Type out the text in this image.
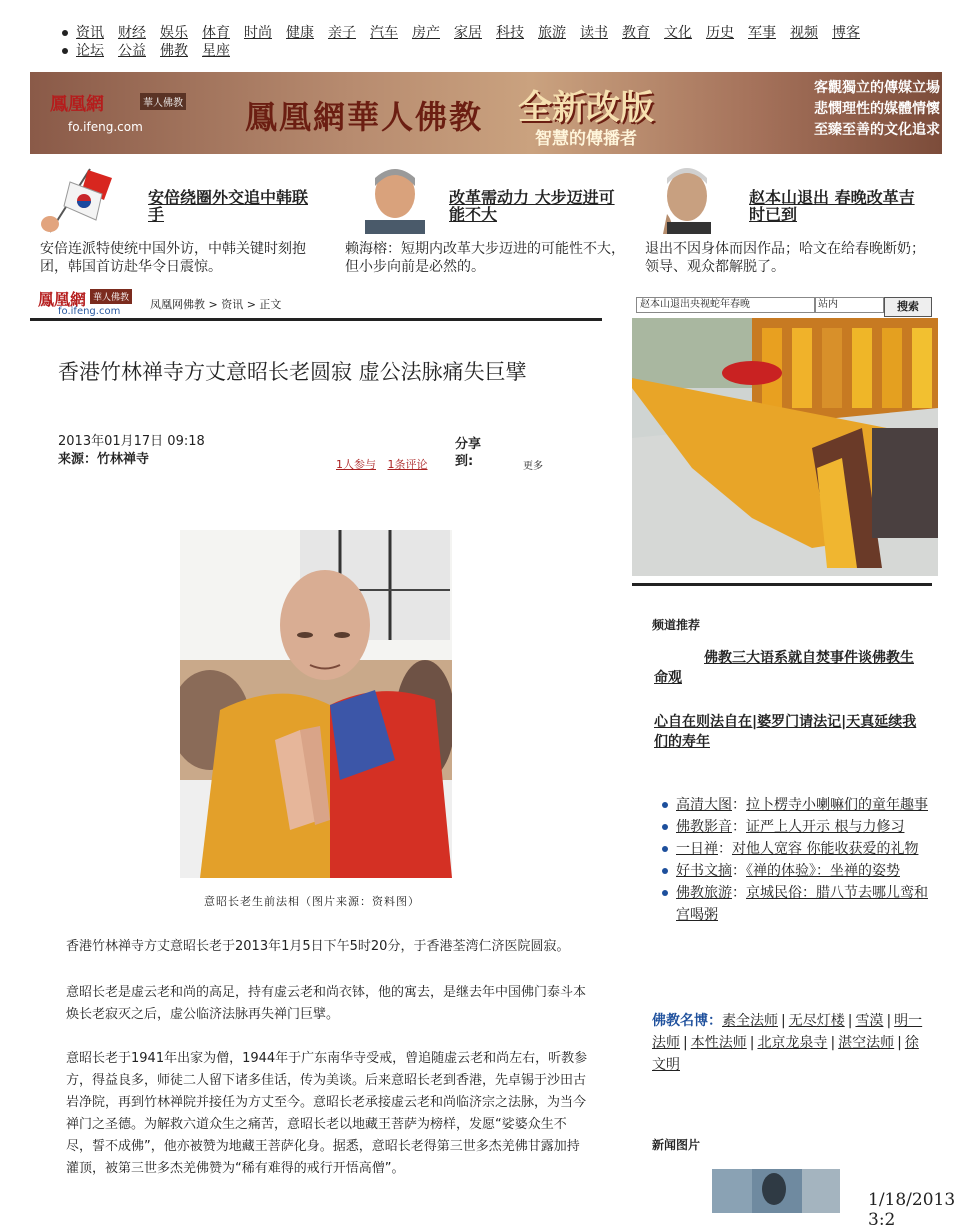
资讯 财经 娱乐 体育 时尚 健康 亲子 汽车 房产 家居 科技 旅游 读书 教育 文化 历史 军事 视频 博客
论坛 公益 佛教 星座
鳳凰網	華人佛教
fo.ifeng.com	鳳凰網華人佛教 全新改版
智慧的傳播者
客觀獨立的傳媒立場
悲憫理性的媒體情懷
至臻至善的文化追求
安倍绕圈外交追中韩联手
安倍连派特使统中国外访，中韩关键时刻抱团，韩国首访赴华令日震惊。
改革需动力 大步迈进可能不大
赖海榕：短期内改革大步迈进的可能性不大，但小步向前是必然的。
赵本山退出 春晚改革吉时已到
退出不因身体而因作品；哈文在给春晚断奶；领导、观众都解脱了。
鳳凰網 華人佛教
fo.ifeng.com
凤凰网佛教 > 资讯 > 正文
香港竹林禅寺方丈意昭长老圆寂 虚公法脉痛失巨擘
2013年01月17日 09:18
来源：竹林禅寺	1人参与 1条评论
分享到:	更多
意昭长老生前法相（图片来源：资料图）
香港竹林禅寺方丈意昭长老于2013年1月5日下午5时20分，于香港荃湾仁济医院圆寂。
意昭长老是虚云老和尚的高足，持有虚云老和尚衣钵，他的寓去，是继去年中国佛门泰斗本焕长老寂灭之后，虚公临济法脉再失禅门巨擘。
意昭长老于1941年出家为僧，1944年于广东南华寺受戒，曾追随虚云老和尚左右，听教参方，得益良多，师徒二人留下诸多佳话，传为美谈。后来意昭长老到香港，先卓锡于沙田古岩净院，再到竹林禅院并接任为方丈至今。意昭长老承接虚云老和尚临济宗之法脉，为当今禅门之圣德。为解救六道众生之痛苦，意昭长老以地藏王菩萨为榜样，发愿“娑婆众生不尽，誓不成佛”，他亦被赞为地藏王菩萨化身。据悉，意昭长老得第三世多杰羌佛甘露加持灌顶，被第三世多杰羌佛赞为“稀有难得的戒行开悟高僧”。
赵本山退出央视蛇年春晚	站内	搜索
频道推荐
佛教三大语系就自焚事件谈佛教生命观
心自在则法自在|婆罗门请法记|天真延续我们的寿年
高清大图：拉卜楞寺小喇嘛们的童年趣事
佛教影音：证严上人开示 根与力修习
一日禅：对他人宽容 你能收获爱的礼物
好书文摘：《禅的体验》：坐禅的姿势
佛教旅游：京城民俗：腊八节去哪儿鸾和宫喝粥
佛教名博：素全法师 | 无尽灯楼 | 雪漠 | 明一法师 | 本性法师 | 北京龙泉寺 | 湛空法师 | 徐文明
新闻图片
1/18/2013 3:2
